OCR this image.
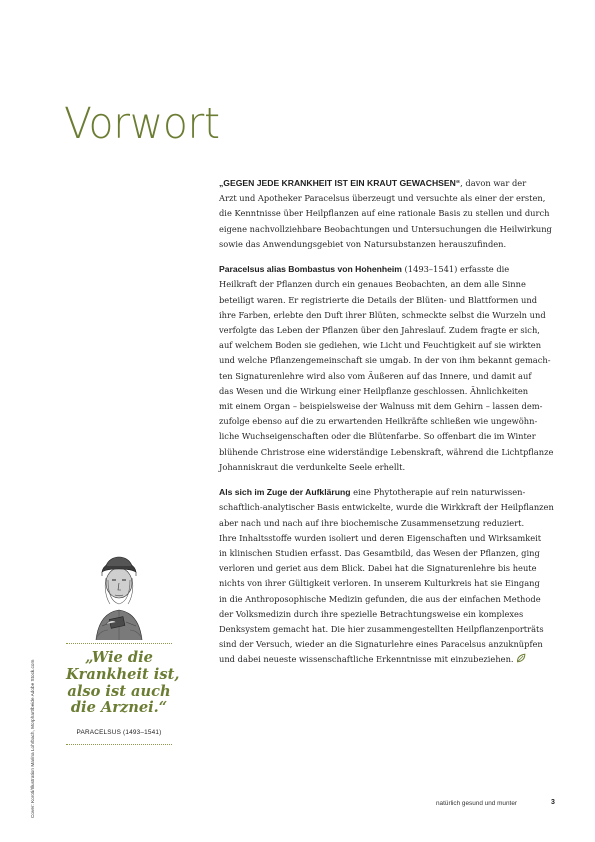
Vorwort

„GEGEN JEDE KRANKHEIT IST EIN KRAUT GEWACHSEN“, davon war der
Arzt und Apotheker Paracelsus überzeugt und versuchte als einer der ersten,
die Kenntnisse über Heilpflanzen auf eine rationale Basis zu stellen und durch
eigene nachvollziehbare Beobachtungen und Untersuchungen die Heilwirkung
sowie das Anwendungsgebiet von Natursubstanzen herauszufinden.

Paracelsus alias Bombastus von Hohenheim (1493–1541) erfasste die
Heilkraft der Pflanzen durch ein genaues Beobachten, an dem alle Sinne
beteiligt waren. Er registrierte die Details der Blüten- und Blattformen und
ihre Farben, erlebte den Duft ihrer Blüten, schmeckte selbst die Wurzeln und
verfolgte das Leben der Pflanzen über den Jahreslauf. Zudem fragte er sich,
auf welchem Boden sie gediehen, wie Licht und Feuchtigkeit auf sie wirkten
und welche Pflanzengemeinschaft sie umgab. In der von ihm bekannt gemach-
ten Signaturenlehre wird also vom Äußeren auf das Innere, und damit auf
das Wesen und die Wirkung einer Heilpflanze geschlossen. Ähnlichkeiten
mit einem Organ – beispielsweise der Walnuss mit dem Gehirn – lassen dem-
zufolge ebenso auf die zu erwartenden Heilkräfte schließen wie ungewöhn-
liche Wuchseigenschaften oder die Blütenfarbe. So offenbart die im Winter
blühende Christrose eine widerständige Lebenskraft, während die Lichtpflanze
Johanniskraut die verdunkelte Seele erhellt.

Als sich im Zuge der Aufklärung eine Phytotherapie auf rein naturwissen-
schaftlich-analytischer Basis entwickelte, wurde die Wirkkraft der Heilpflanzen
aber nach und nach auf ihre biochemische Zusammensetzung reduziert.
Ihre Inhaltsstoffe wurden isoliert und deren Eigenschaften und Wirksamkeit
in klinischen Studien erfasst. Das Gesamtbild, das Wesen der Pflanzen, ging
verloren und geriet aus dem Blick. Dabei hat die Signaturenlehre bis heute
nichts von ihrer Gültigkeit verloren. In unserem Kulturkreis hat sie Eingang
in die Anthroposophische Medizin gefunden, die aus der einfachen Methode
der Volksmedizin durch ihre spezielle Betrachtungsweise ein komplexes
Denksystem gemacht hat. Die hier zusammengestellten Heilpflanzenporträts
sind der Versuch, wieder an die Signaturlehre eines Paracelsus anzuknüpfen
und dabei neueste wissenschaftliche Erkenntnisse mit einzubeziehen.

Cover: Koroti/Illustration Marina Lohrbach, Morphart/beide Adobe Stock.com
„Wie die
Krankheit ist,
also ist auch
die Arznei.“
PARACELSUS (1493–1541)
natürlich gesund und munter	3
